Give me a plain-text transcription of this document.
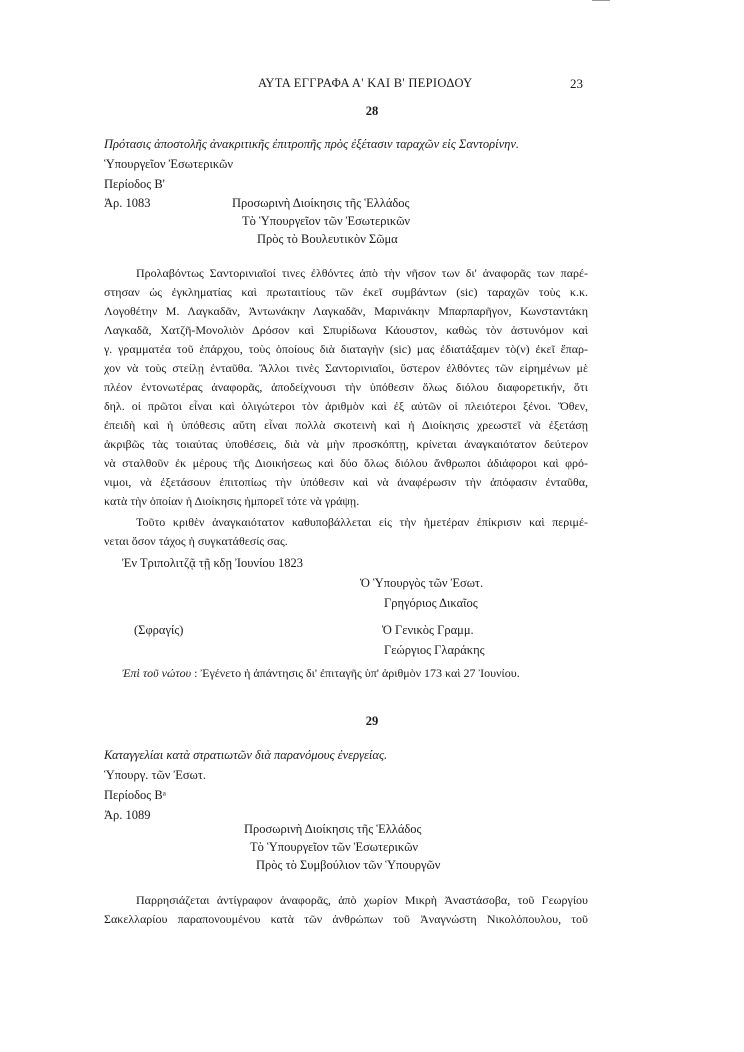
ΑΥΤΑ ΕΓΓΡΑΦΑ Α' ΚΑΙ Β' ΠΕΡΙΟΔΟΥ	23
28
Πρότασις ἀποστολῆς ἀνακριτικῆς ἐπιτροπῆς πρὸς ἐξέτασιν ταραχῶν εἰς Σαντορίνην.
Ὑπουργεῖον Ἐσωτερικῶν
Περίοδος Β'
Ἀρ. 1083	Προσωρινὴ Διοίκησις τῆς Ἑλλάδος
Τὸ Ὑπουργεῖον τῶν Ἐσωτερικῶν
Πρὸς τὸ Βουλευτικὸν Σῶμα
Προλαβόντως Σαντορινιαῖοί τινες ἐλθόντες ἀπὸ τὴν νῆσον των δι' ἀναφορᾶς των παρέ-
στησαν ὡς ἐγκληματίας καὶ πρωταιτίους τῶν ἐκεῖ συμβάντων (sic) ταραχῶν τοὺς κ.κ.
Λογοθέτην Μ. Λαγκαδᾶν, Ἀντωνάκην Λαγκαδᾶν, Μαρινάκην Μπαρπαρῆγον, Κωνσταντάκη
Λαγκαδᾶ, Χατζῆ-Μονολιὸν Δρόσον καὶ Σπυρίδωνα Κάουστον, καθὼς τὸν ἀστυνόμον καὶ
γ. γραμματέα τοῦ ἐπάρχου, τοὺς ὁποίους διὰ διαταγὴν (sic) μας ἐδιατάξαμεν τὸ(ν) ἐκεῖ ἔπαρ-
χον νὰ τοὺς στείλῃ ἐνταῦθα. Ἄλλοι τινὲς Σαντορινιαῖοι, ὕστερον ἐλθόντες τῶν εἰρημένων μὲ
πλέον ἐντονωτέρας ἀναφορᾶς, ἀποδείχνουσι τὴν ὑπόθεσιν ὅλως διόλου διαφορετικήν, ὅτι
δηλ. οἱ πρῶτοι εἶναι καὶ ὀλιγώτεροι τὸν ἀριθμὸν καὶ ἐξ αὐτῶν οἱ πλειότεροι ξένοι. Ὅθεν,
ἐπειδὴ καὶ ἡ ὑπόθεσις αὕτη εἶναι πολλὰ σκοτεινὴ καὶ ἡ Διοίκησις χρεωστεῖ νὰ ἐξετάσῃ
ἀκριβῶς τὰς τοιαύτας ὑποθέσεις, διὰ νὰ μὴν προσκόπτῃ, κρίνεται ἀναγκαιότατον δεύτερον
νὰ σταλθοῦν ἐκ μέρους τῆς Διοικήσεως καὶ δύο ὅλως διόλου ἄνθρωποι ἀδιάφοροι καὶ φρό-
νιμοι, νὰ ἐξετάσουν ἐπιτοπίως τὴν ὑπόθεσιν καὶ νὰ ἀναφέρωσιν τὴν ἀπόφασιν ἐνταῦθα,
κατὰ τὴν ὁποίαν ἡ Διοίκησις ἠμπορεῖ τότε νὰ γράψῃ.
Τοῦτο κριθὲν ἀναγκαιότατον καθυποβάλλεται εἰς τὴν ἡμετέραν ἐπίκρισιν καὶ περιμέ-
νεται ὅσον τάχος ἡ συγκατάθεσίς σας.
Ἐν Τριπολιτζᾷ τῇ κδῃ Ἰουνίου 1823
Ὁ Ὑπουργὸς τῶν Ἐσωτ.
Γρηγόριος Δικαῖος
(Σφραγίς)	Ὁ Γενικὸς Γραμμ.
Γεώργιος Γλαράκης
Ἐπὶ τοῦ νώτου : Ἐγένετο ἡ ἀπάντησις δι' ἐπιταγῆς ὑπ' ἀριθμὸν 173 καὶ 27 Ἰουνίου.
29
Καταγγελίαι κατὰ στρατιωτῶν διὰ παρανόμους ἐνεργείας.
Ὑπουργ. τῶν Ἐσωτ.
Περίοδος Βᵃ
Ἀρ. 1089
Προσωρινὴ Διοίκησις τῆς Ἑλλάδος
Τὸ Ὑπουργεῖον τῶν Ἐσωτερικῶν
Πρὸς τὸ Συμβούλιον τῶν Ὑπουργῶν
Παρρησιάζεται ἀντίγραφον ἀναφορᾶς, ἀπὸ χωρίον Μικρὴ Ἀναστάσοβα, τοῦ Γεωργίου
Σακελλαρίου παραπονουμένου κατὰ τῶν ἀνθρώπων τοῦ Ἀναγνώστη Νικολόπουλου, τοῦ
